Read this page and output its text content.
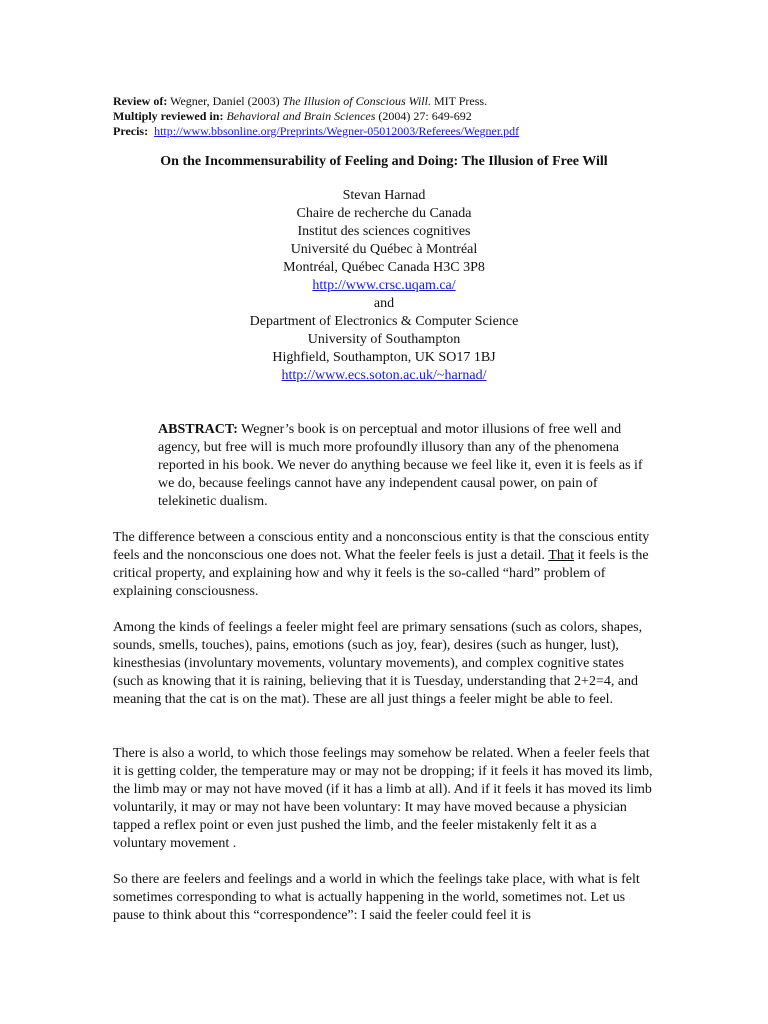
Review of: Wegner, Daniel (2003) The Illusion of Conscious Will. MIT Press.
Multiply reviewed in: Behavioral and Brain Sciences (2004) 27: 649-692
Precis: http://www.bbsonline.org/Preprints/Wegner-05012003/Referees/Wegner.pdf
On the Incommensurability of Feeling and Doing: The Illusion of Free Will
Stevan Harnad
Chaire de recherche du Canada
Institut des sciences cognitives
Université du Québec à Montréal
Montréal, Québec Canada H3C 3P8
http://www.crsc.uqam.ca/
and
Department of Electronics & Computer Science
University of Southampton
Highfield, Southampton, UK SO17 1BJ
http://www.ecs.soton.ac.uk/~harnad/
ABSTRACT: Wegner’s book is on perceptual and motor illusions of free well and agency, but free will is much more profoundly illusory than any of the phenomena reported in his book. We never do anything because we feel like it, even it is feels as if we do, because feelings cannot have any independent causal power, on pain of telekinetic dualism.
The difference between a conscious entity and a nonconscious entity is that the conscious entity feels and the nonconscious one does not. What the feeler feels is just a detail. That it feels is the critical property, and explaining how and why it feels is the so-called “hard” problem of explaining consciousness.
Among the kinds of feelings a feeler might feel are primary sensations (such as colors, shapes, sounds, smells, touches), pains, emotions (such as joy, fear), desires (such as hunger, lust), kinesthesias (involuntary movements, voluntary movements), and complex cognitive states (such as knowing that it is raining, believing that it is Tuesday, understanding that 2+2=4, and meaning that the cat is on the mat). These are all just things a feeler might be able to feel.
There is also a world, to which those feelings may somehow be related. When a feeler feels that it is getting colder, the temperature may or may not be dropping; if it feels it has moved its limb, the limb may or may not have moved (if it has a limb at all). And if it feels it has moved its limb voluntarily, it may or may not have been voluntary: It may have moved because a physician tapped a reflex point or even just pushed the limb, and the feeler mistakenly felt it as a voluntary movement .
So there are feelers and feelings and a world in which the feelings take place, with what is felt sometimes corresponding to what is actually happening in the world, sometimes not. Let us pause to think about this “correspondence”: I said the feeler could feel it is
